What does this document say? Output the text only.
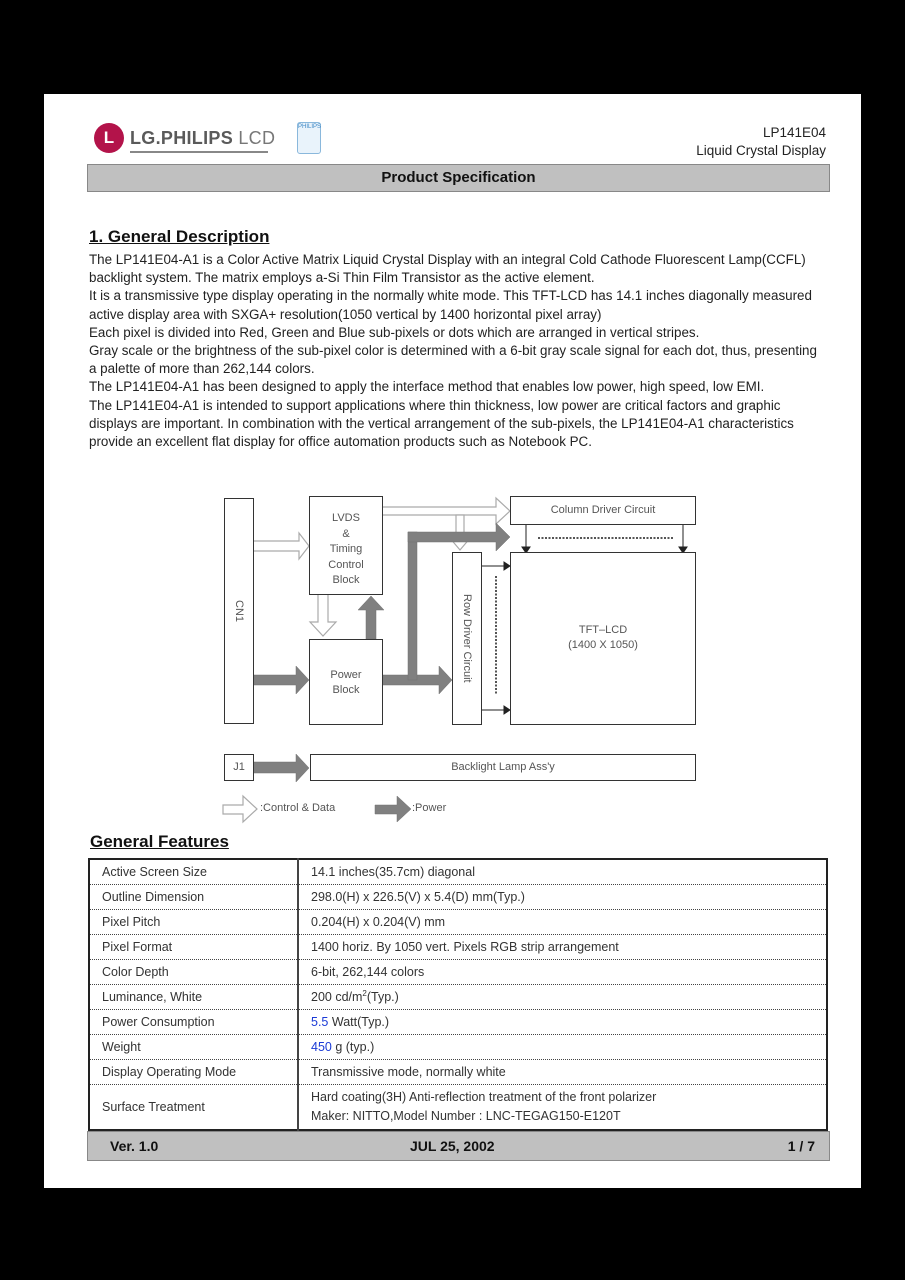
L LG.PHILIPS LCD
PHILIPS	LP141E04
Liquid Crystal Display
Product Specification
1. General Description

The LP141E04-A1 is a Color Active Matrix Liquid Crystal Display with an integral Cold Cathode Fluorescent Lamp(CCFL) backlight system. The matrix employs a-Si Thin Film Transistor as the active element.

It is a transmissive type display operating in the normally white mode. This TFT-LCD has 14.1 inches diagonally measured active display area with SXGA+ resolution(1050 vertical by 1400 horizontal pixel array)

Each pixel is divided into Red, Green and Blue sub-pixels or dots which are arranged in vertical stripes.

Gray scale or the brightness of the sub-pixel color is determined with a 6-bit gray scale signal for each dot, thus, presenting a palette of more than 262,144 colors.

The LP141E04-A1 has been designed to apply the interface method that enables low power, high speed, low EMI.

The LP141E04-A1 is intended to support applications where thin thickness, low power are critical factors and graphic displays are important. In combination with the vertical arrangement of the sub-pixels, the LP141E04-A1 characteristics provide an excellent flat display for office automation products such as Notebook PC.

CN1
LVDS
&
Timing
Control
Block
Power
Block
Row Driver Circuit
Column Driver Circuit
TFT–LCD
(1400 X 1050)
J1	Backlight Lamp Ass'y
:Control & Data	:Power
General Features
Active Screen Size	14.1 inches(35.7cm) diagonal
Outline Dimension	298.0(H) x 226.5(V) x 5.4(D) mm(Typ.)
Pixel Pitch	0.204(H) x 0.204(V) mm
Pixel Format	1400 horiz. By 1050 vert. Pixels RGB strip arrangement
Color Depth	6-bit, 262,144 colors
Luminance, White	200 $cd/m^2(Typ.)$
Power Consumption	5.5 Watt(Typ.)
Weight	450 g (typ.)
Display Operating Mode	Transmissive mode, normally white
Surface Treatment	Hard coating(3H) Anti-reflection treatment of the front polarizer
Maker: NITTO,Model Number : LNC-TEGAG150-E120T
Ver. 1.0	JUL 25, 2002	1 / 7
